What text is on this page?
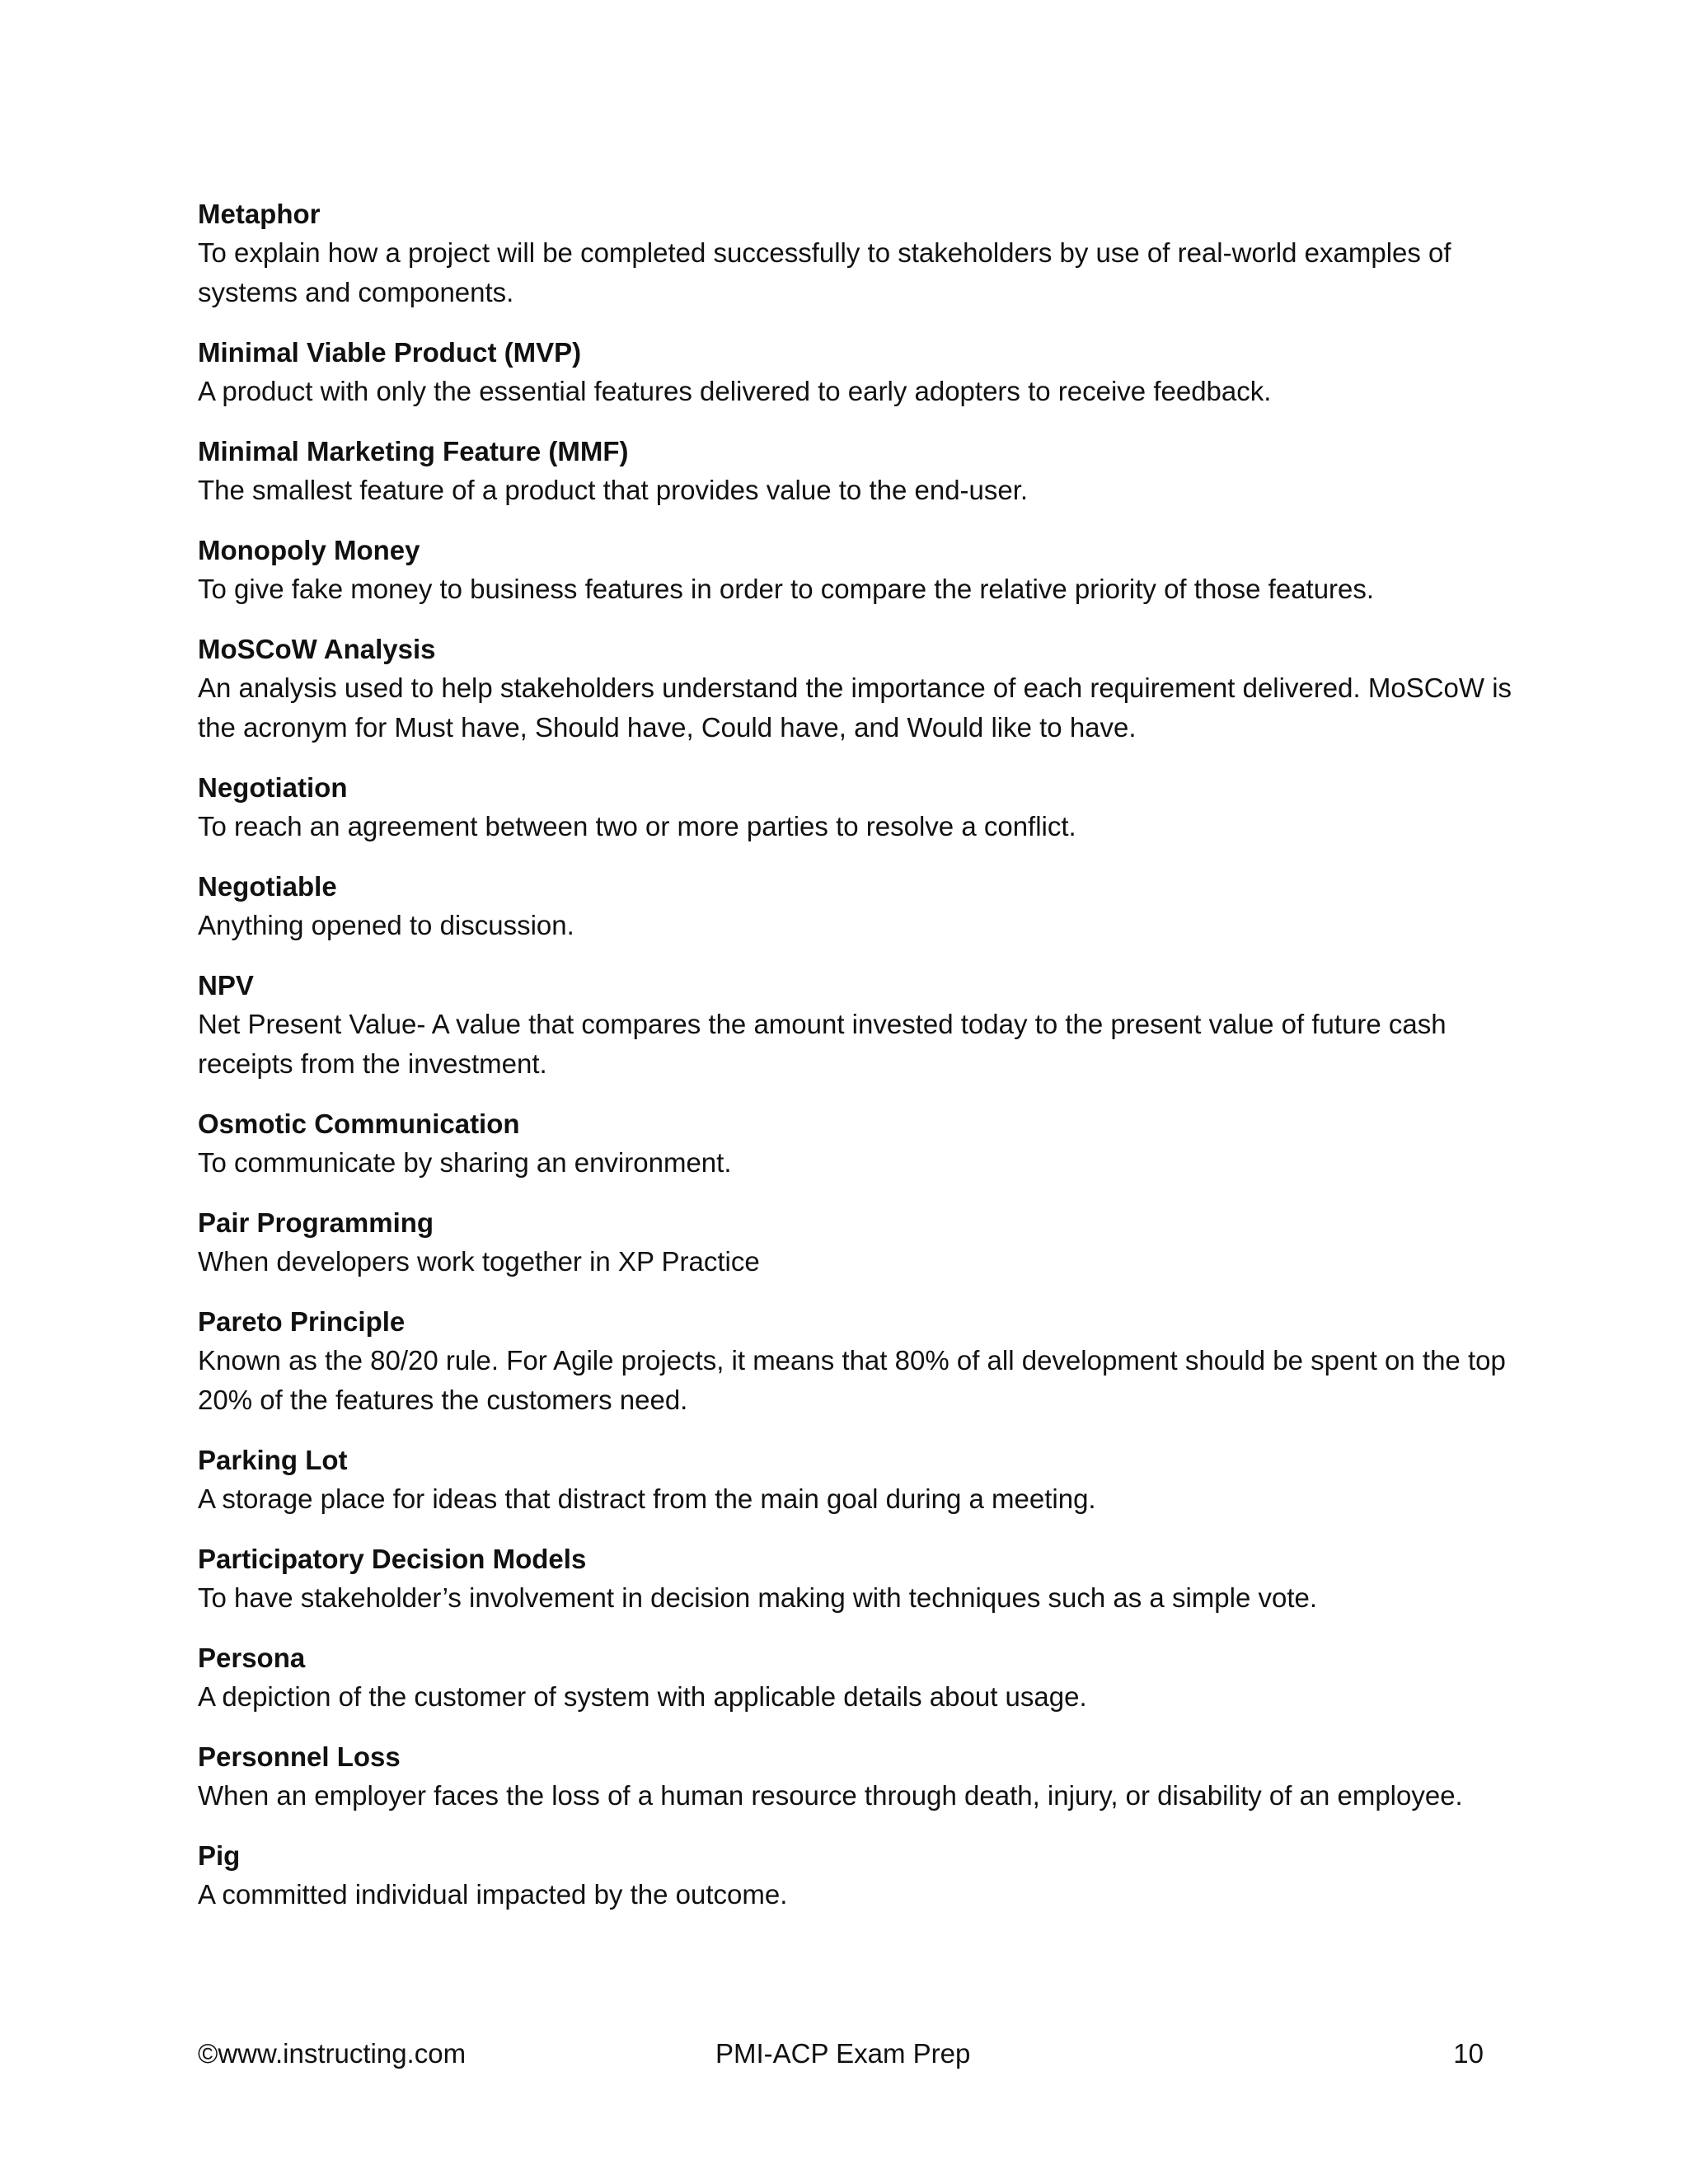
Metaphor

To explain how a project will be completed successfully to stakeholders by use of real-world examples of systems and components.

Minimal Viable Product (MVP)

A product with only the essential features delivered to early adopters to receive feedback.

Minimal Marketing Feature (MMF)

The smallest feature of a product that provides value to the end-user.

Monopoly Money

To give fake money to business features in order to compare the relative priority of those features.

MoSCoW Analysis

An analysis used to help stakeholders understand the importance of each requirement delivered. MoSCoW is the acronym for Must have, Should have, Could have, and Would like to have.

Negotiation

To reach an agreement between two or more parties to resolve a conflict.

Negotiable

Anything opened to discussion.

NPV

Net Present Value- A value that compares the amount invested today to the present value of future cash receipts from the investment.

Osmotic Communication

To communicate by sharing an environment.

Pair Programming

When developers work together in XP Practice

Pareto Principle

Known as the 80/20 rule. For Agile projects, it means that 80% of all development should be spent on the top 20% of the features the customers need.

Parking Lot

A storage place for ideas that distract from the main goal during a meeting.

Participatory Decision Models

To have stakeholder’s involvement in decision making with techniques such as a simple vote.

Persona

A depiction of the customer of system with applicable details about usage.

Personnel Loss

When an employer faces the loss of a human resource through death, injury, or disability of an employee.

Pig

A committed individual impacted by the outcome.

©www.instructing.com	PMI-ACP Exam Prep	10
